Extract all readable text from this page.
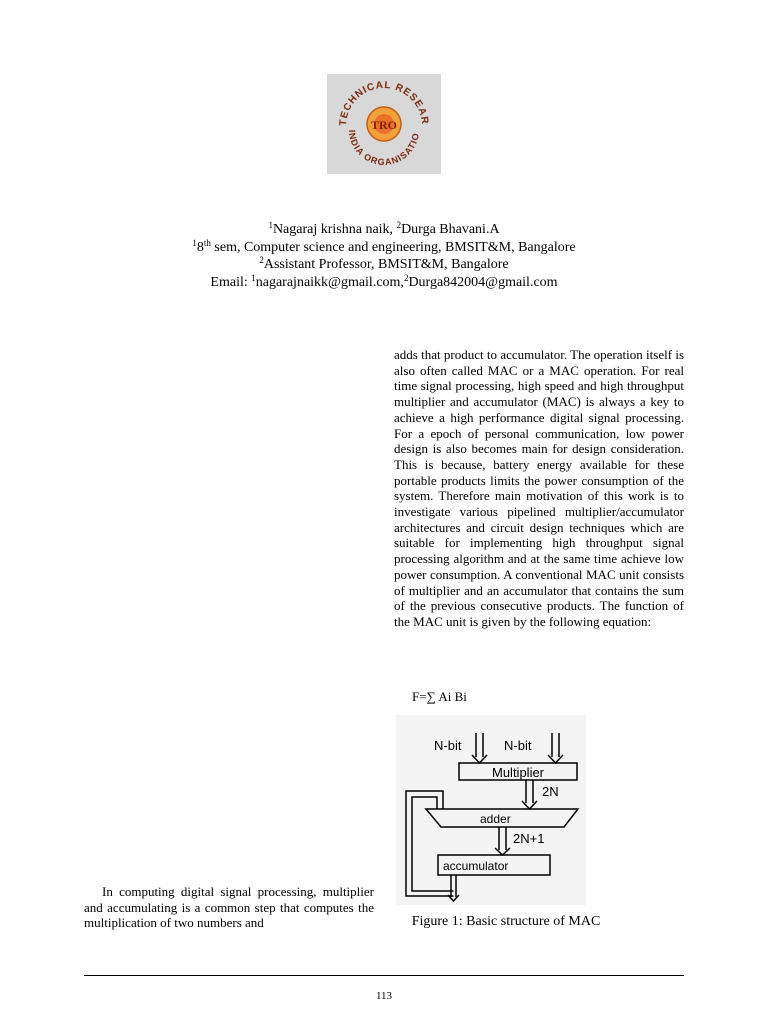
TECHNICAL RESEAR
INDIA ORGANISATIO
TRO
$^1$Nagaraj krishna naik, $^2$Durga Bhavani.A
$^1$8th sem, Computer science and engineering, BMSIT&M, Bangalore
$^2$Assistant Professor, BMSIT&M, Bangalore
Email: $^1$nagarajnaikk@gmail.com,$^2$Durga842004@gmail.com
In computing digital signal processing, multiplier and accumulating is a common step that computes the multiplication of two numbers and
adds that product to accumulator. The operation itself is also often called MAC or a MAC operation. For real time signal processing, high speed and high throughput multiplier and accumulator (MAC) is always a key to achieve a high performance digital signal processing. For a epoch of personal communication, low power design is also becomes main for design consideration. This is because, battery energy available for these portable products limits the power consumption of the system. Therefore main motivation of this work is to investigate various pipelined multiplier/accumulator architectures and circuit design techniques which are suitable for implementing high throughput signal processing algorithm and at the same time achieve low power consumption. A conventional MAC unit consists of multiplier and an accumulator that contains the sum of the previous consecutive products. The function of the MAC unit is given by the following equation:
F=∑ Ai Bi
N-bit	N-bit
Multiplier
2N
adder
2N+1
accumulator
Figure 1: Basic structure of MAC
113
